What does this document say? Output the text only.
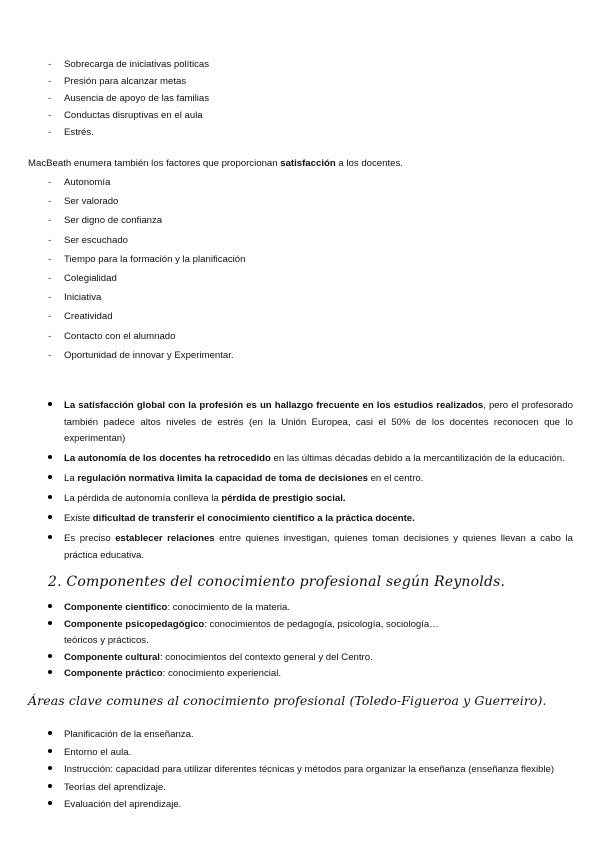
- Sobrecarga de iniciativas políticas
- Presión para alcanzar metas
- Ausencia de apoyo de las familias
- Conductas disruptivas en el aula
- Estrés.
MacBeath enumera también los factores que proporcionan satisfacción a los docentes.
- Autonomía
- Ser valorado
- Ser digno de confianza
- Ser escuchado
- Tiempo para la formación y la planificación
- Colegialidad
- Iniciativa
- Creatividad
- Contacto con el alumnado
- Oportunidad de innovar y Experimentar.
La satisfacción global con la profesión es un hallazgo frecuente en los estudios realizados, pero el profesorado también padece altos niveles de estrés (en la Unión Europea, casi el 50% de los docentes reconocen que lo experimentan)
La autonomía de los docentes ha retrocedido en las últimas décadas debido a la mercantilización de la educación.
La regulación normativa limita la capacidad de toma de decisiones en el centro.
La pérdida de autonomía conlleva la pérdida de prestigio social.
Existe dificultad de transferir el conocimiento científico a la práctica docente.
Es preciso establecer relaciones entre quienes investigan, quienes toman decisiones y quienes llevan a cabo la práctica educativa.
2. Componentes del conocimiento profesional según Reynolds.
Componente científico: conocimiento de la materia.
Componente psicopedagógico: conocimientos de pedagogía, psicología, sociología… teóricos y prácticos.
Componente cultural: conocimientos del contexto general y del Centro.
Componente práctico: conocimiento experiencial.
Áreas clave comunes al conocimiento profesional (Toledo-Figueroa y Guerreiro).
Planificación de la enseñanza.
Entorno el aula.
Instrucción: capacidad para utilizar diferentes técnicas y métodos para organizar la enseñanza (enseñanza flexible)
Teorías del aprendizaje.
Evaluación del aprendizaje.
